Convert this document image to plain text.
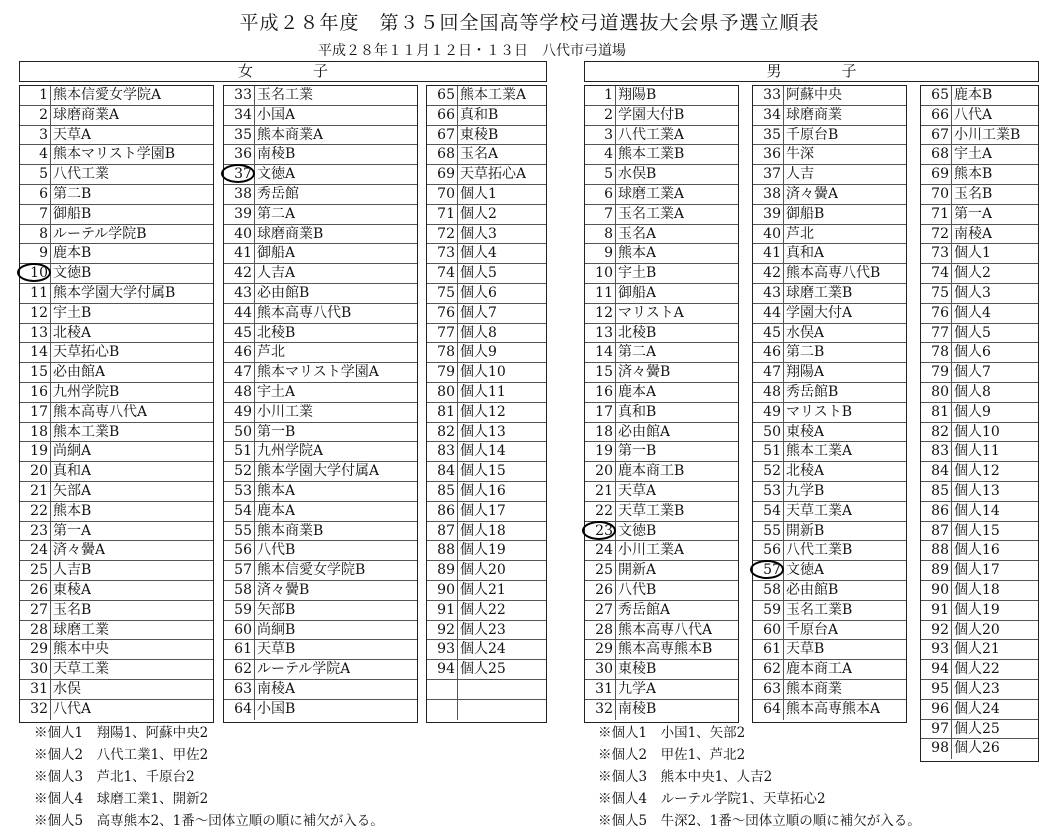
平成２８年度　第３５回全国高等学校弓道選抜大会県予選立順表
平成２８年１１月１２日・１３日　八代市弓道場
女子	男子
1 熊本信愛女学院A
2 球磨商業A
3 天草A
4 熊本マリスト学園B
5 八代工業
6 第二B
7 御船B
8 ルーテル学院B
9 鹿本B
10 文徳B
11 熊本学園大学付属B
12 宇土B
13 北稜A
14 天草拓心B
15 必由館A
16 九州学院B
17 熊本高専八代A
18 熊本工業B
19 尚絅A
20 真和A
21 矢部A
22 熊本B
23 第一A
24 済々黌A
25 人吉B
26 東稜A
27 玉名B
28 球磨工業
29 熊本中央
30 天草工業
31 水俣
32 八代A
33 玉名工業
34 小国A
35 熊本商業A
36 南稜B
37 文徳A
38 秀岳館
39 第二A
40 球磨商業B
41 御船A
42 人吉A
43 必由館B
44 熊本高専八代B
45 北稜B
46 芦北
47 熊本マリスト学園A
48 宇土A
49 小川工業
50 第一B
51 九州学院A
52 熊本学園大学付属A
53 熊本A
54 鹿本A
55 熊本商業B
56 八代B
57 熊本信愛女学院B
58 済々黌B
59 矢部B
60 尚絅B
61 天草B
62 ルーテル学院A
63 南稜A
64 小国B
65 熊本工業A
66 真和B
67 東稜B
68 玉名A
69 天草拓心A
70 個人1
71 個人2
72 個人3
73 個人4
74 個人5
75 個人6
76 個人7
77 個人8
78 個人9
79 個人10
80 個人11
81 個人12
82 個人13
83 個人14
84 個人15
85 個人16
86 個人17
87 個人18
88 個人19
89 個人20
90 個人21
91 個人22
92 個人23
93 個人24
94 個人25
1 翔陽B
2 学園大付B
3 八代工業A
4 熊本工業B
5 水俣B
6 球磨工業A
7 玉名工業A
8 玉名A
9 熊本A
10 宇土B
11 御船A
12 マリストA
13 北稜B
14 第二A
15 済々黌B
16 鹿本A
17 真和B
18 必由館A
19 第一B
20 鹿本商工B
21 天草A
22 天草工業B
23 文徳B
24 小川工業A
25 開新A
26 八代B
27 秀岳館A
28 熊本高専八代A
29 熊本高専熊本B
30 東稜B
31 九学A
32 南稜B
33 阿蘇中央
34 球磨商業
35 千原台B
36 牛深
37 人吉
38 済々黌A
39 御船B
40 芦北
41 真和A
42 熊本高専八代B
43 球磨工業B
44 学園大付A
45 水俣A
46 第二B
47 翔陽A
48 秀岳館B
49 マリストB
50 東稜A
51 熊本工業A
52 北稜A
53 九学B
54 天草工業A
55 開新B
56 八代工業B
57 文徳A
58 必由館B
59 玉名工業B
60 千原台A
61 天草B
62 鹿本商工A
63 熊本商業
64 熊本高専熊本A
65 鹿本B
66 八代A
67 小川工業B
68 宇土A
69 熊本B
70 玉名B
71 第一A
72 南稜A
73 個人1
74 個人2
75 個人3
76 個人4
77 個人5
78 個人6
79 個人7
80 個人8
81 個人9
82 個人10
83 個人11
84 個人12
85 個人13
86 個人14
87 個人15
88 個人16
89 個人17
90 個人18
91 個人19
92 個人20
93 個人21
94 個人22
95 個人23
96 個人24
97 個人25
98 個人26
※個人1　翔陽1、阿蘇中央2
※個人2　八代工業1、甲佐2
※個人3　芦北1、千原台2
※個人4　球磨工業1、開新2
※個人5　高専熊本2、1番～団体立順の順に補欠が入る。
※個人1　小国1、矢部2
※個人2　甲佐1、芦北2
※個人3　熊本中央1、人吉2
※個人4　ルーテル学院1、天草拓心2
※個人5　牛深2、1番～団体立順の順に補欠が入る。
